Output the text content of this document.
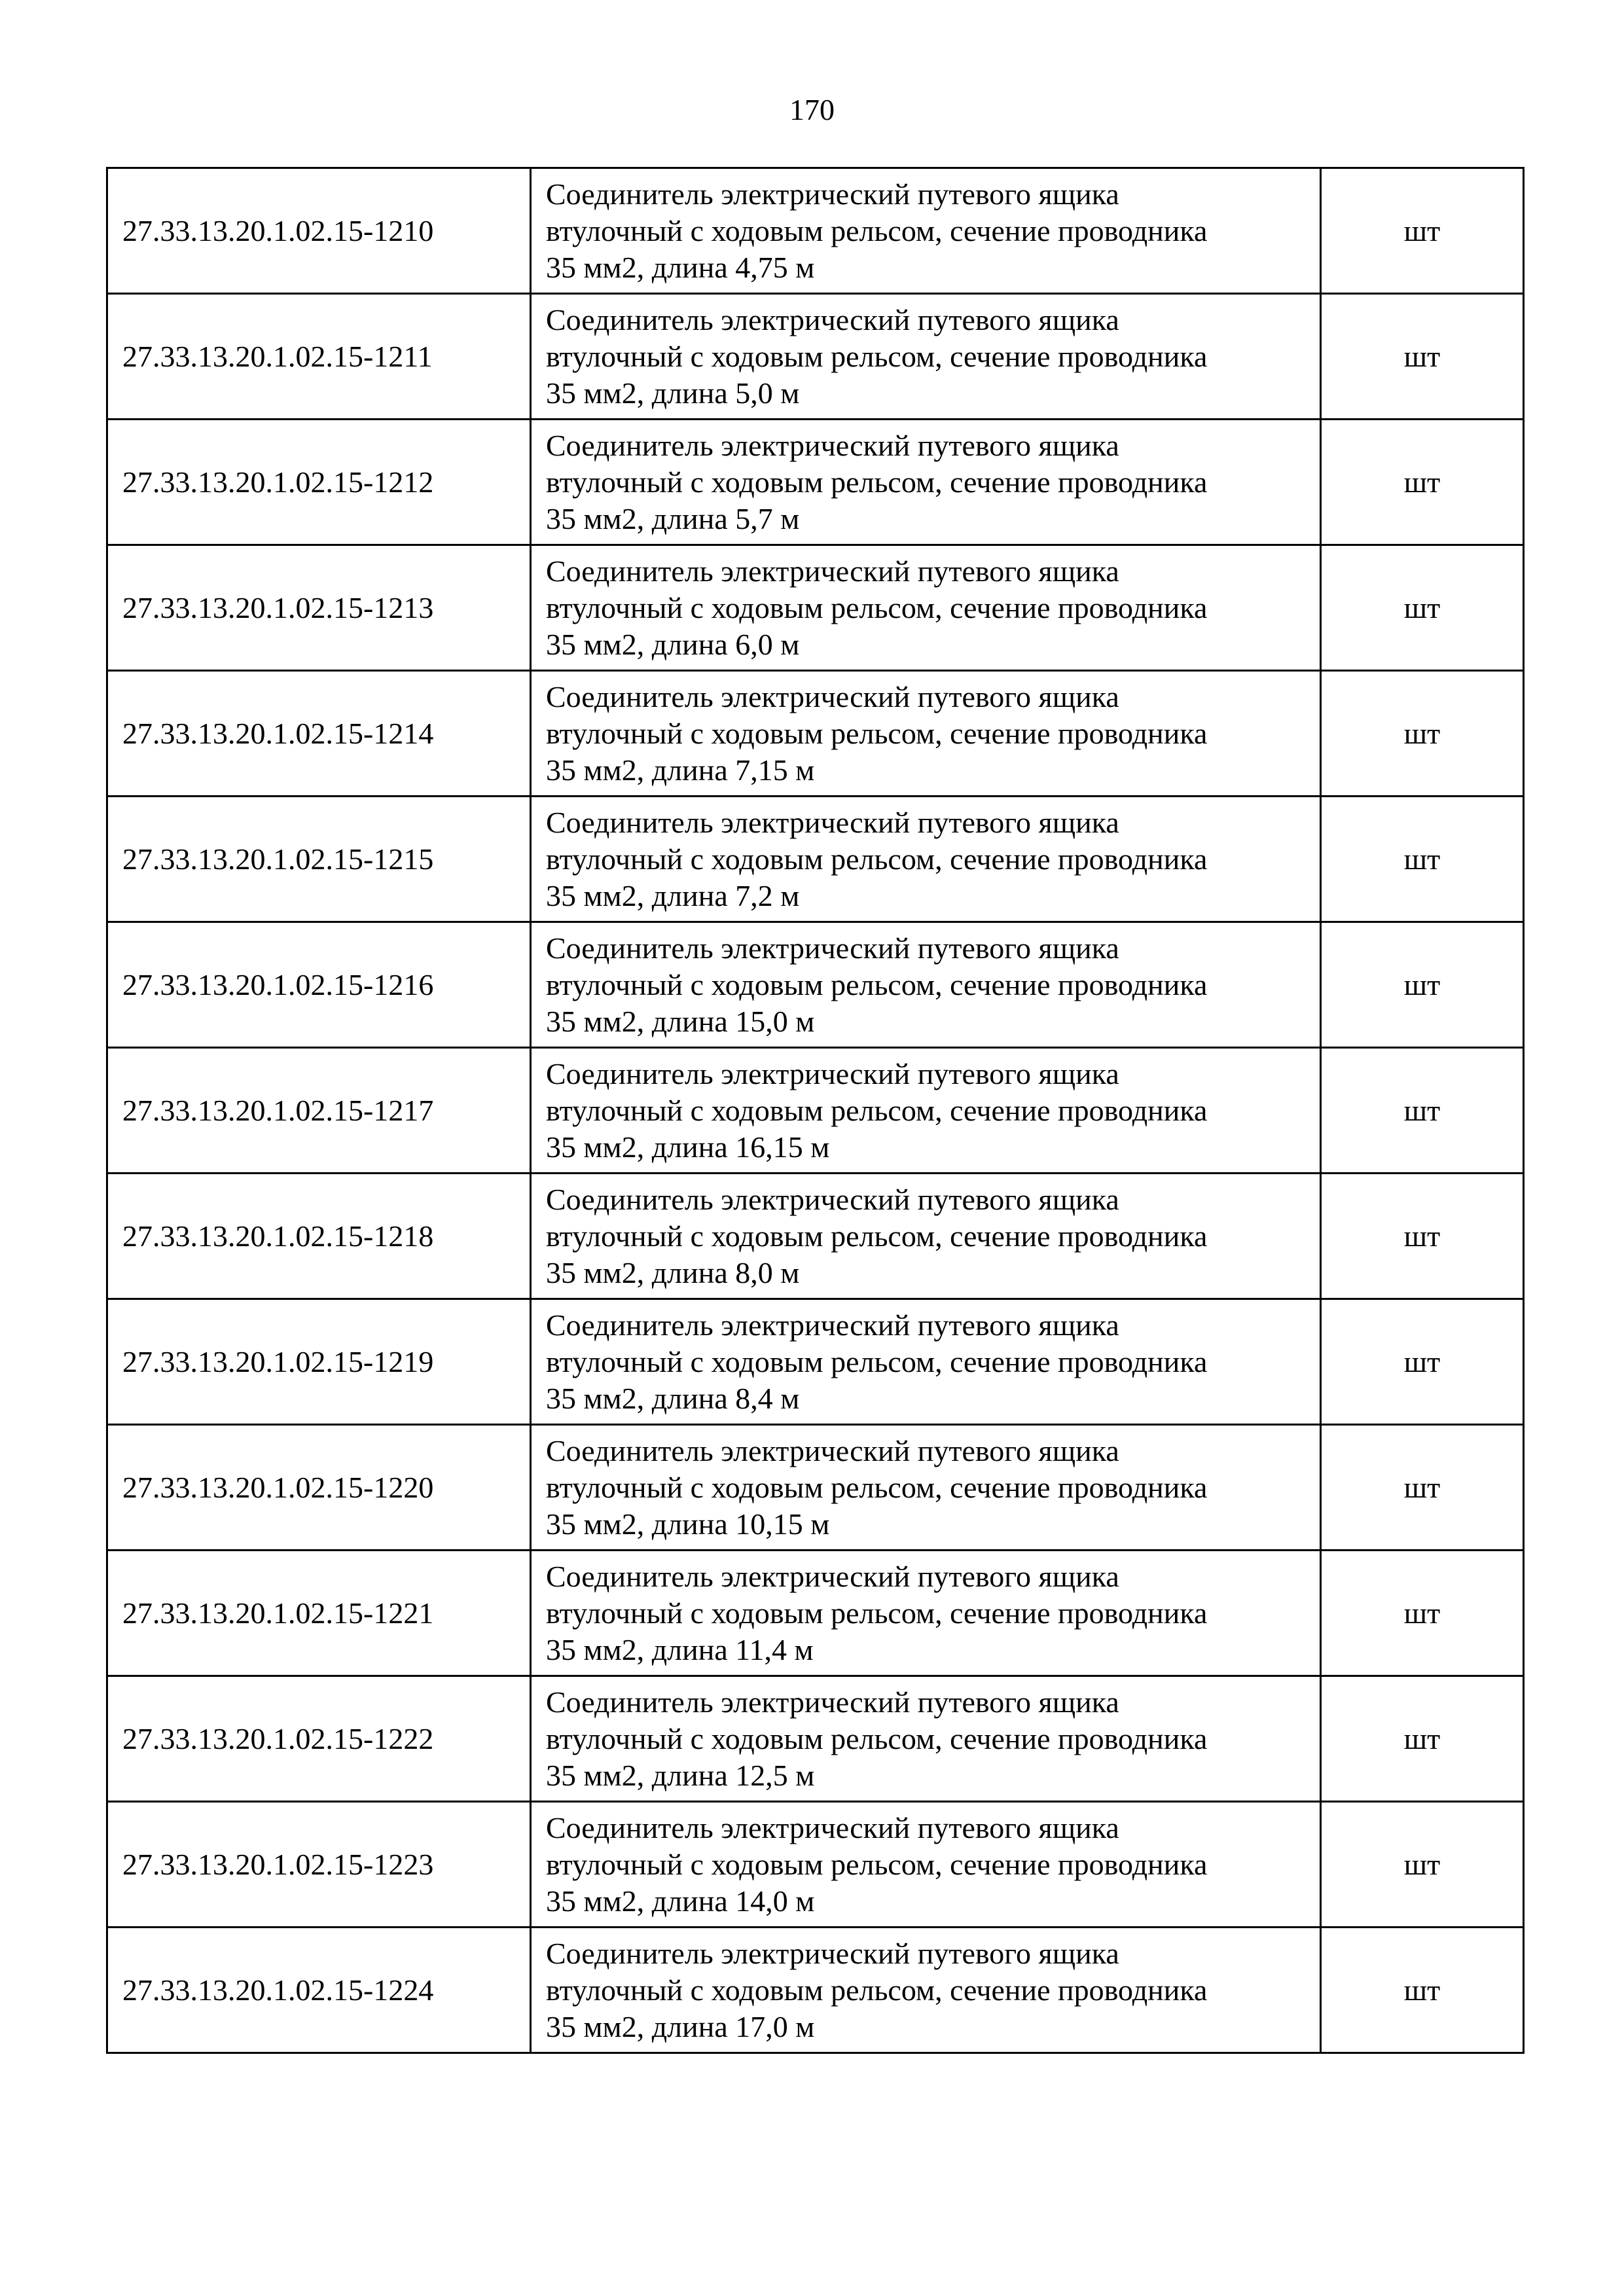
170
27.33.13.20.1.02.15-1210	Соединитель электрический путевого ящика
втулочный с ходовым рельсом, сечение проводника
35 мм2, длина 4,75 м	шт
27.33.13.20.1.02.15-1211	Соединитель электрический путевого ящика
втулочный с ходовым рельсом, сечение проводника
35 мм2, длина 5,0 м	шт
27.33.13.20.1.02.15-1212	Соединитель электрический путевого ящика
втулочный с ходовым рельсом, сечение проводника
35 мм2, длина 5,7 м	шт
27.33.13.20.1.02.15-1213	Соединитель электрический путевого ящика
втулочный с ходовым рельсом, сечение проводника
35 мм2, длина 6,0 м	шт
27.33.13.20.1.02.15-1214	Соединитель электрический путевого ящика
втулочный с ходовым рельсом, сечение проводника
35 мм2, длина 7,15 м	шт
27.33.13.20.1.02.15-1215	Соединитель электрический путевого ящика
втулочный с ходовым рельсом, сечение проводника
35 мм2, длина 7,2 м	шт
27.33.13.20.1.02.15-1216	Соединитель электрический путевого ящика
втулочный с ходовым рельсом, сечение проводника
35 мм2, длина 15,0 м	шт
27.33.13.20.1.02.15-1217	Соединитель электрический путевого ящика
втулочный с ходовым рельсом, сечение проводника
35 мм2, длина 16,15 м	шт
27.33.13.20.1.02.15-1218	Соединитель электрический путевого ящика
втулочный с ходовым рельсом, сечение проводника
35 мм2, длина 8,0 м	шт
27.33.13.20.1.02.15-1219	Соединитель электрический путевого ящика
втулочный с ходовым рельсом, сечение проводника
35 мм2, длина 8,4 м	шт
27.33.13.20.1.02.15-1220	Соединитель электрический путевого ящика
втулочный с ходовым рельсом, сечение проводника
35 мм2, длина 10,15 м	шт
27.33.13.20.1.02.15-1221	Соединитель электрический путевого ящика
втулочный с ходовым рельсом, сечение проводника
35 мм2, длина 11,4 м	шт
27.33.13.20.1.02.15-1222	Соединитель электрический путевого ящика
втулочный с ходовым рельсом, сечение проводника
35 мм2, длина 12,5 м	шт
27.33.13.20.1.02.15-1223	Соединитель электрический путевого ящика
втулочный с ходовым рельсом, сечение проводника
35 мм2, длина 14,0 м	шт
27.33.13.20.1.02.15-1224	Соединитель электрический путевого ящика
втулочный с ходовым рельсом, сечение проводника
35 мм2, длина 17,0 м	шт
